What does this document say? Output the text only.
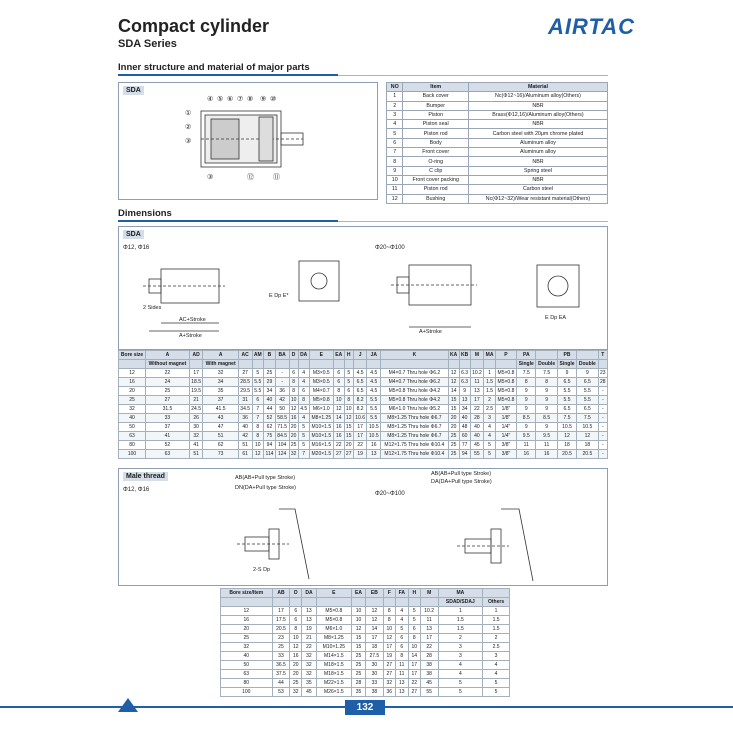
Compact cylinder
SDA Series
AIRTAC
Inner structure and material of major parts
SDA
④ ⑤ ⑥ ⑦ ⑧ ⑨ ⑩
①
②
③
③	⑫	⑪
NO	Item	Material
1	Back cover	Nc(Φ12~16)/Aluminum alloy(Others)
2	Bumper	NBR
3	Piston	Brass(Φ12,16)/Aluminum alloy(Others)
4	Piston seal	NBR
5	Piston rod	Carbon steel with 20μm chrome plated
6	Body	Aluminum alloy
7	Front cover	Aluminum alloy
8	O-ring	NBR
9	C clip	Spring steel
10	Front cover packing	NBR
11	Piston rod	Carbon steel
12	Bushing	Nc(Φ12~32)/Wear resistant material(Others)
Dimensions
SDA
Φ12, Φ16	Φ20~Φ100
2 Sides
AC+Stroke
A+Stroke
E Dp E*
A+Stroke
E Dp EA
Bore size	A	AD	A	AC	AM	B	BA	D	DA	E	EA	H	J	JA	K	KA	KB	M	MA	P	PA		PB		T
	Without magnet		With magnet																		Single	Double	Single	Double	
12	22	17	32	27	5	25	-	6	4	M3×0.5	6	5	4.5	4.5	M4×0.7 Thru hole Φ6.2	12	6.3	10.2	1	M5×0.8	7.5	7.5	9	9	23
16	24	18.5	34	28.5	5.5	29	-	8	4	M3×0.5	6	5	6.5	4.5	M4×0.7 Thru hole Φ6.2	12	6.3	11	1.5	M5×0.8	8	8	6.5	6.5	28
20	25	19.5	35	29.5	5.5	34	36	8	6	M4×0.7	8	6	6.5	4.5	M5×0.8 Thru hole Φ4.2	14	9	13	1.5	M5×0.8	9	9	5.5	5.5	-
25	27	21	37	31	6	40	42	10	8	M5×0.8	10	8	8.2	5.5	M5×0.8 Thru hole Φ4.2	15	13	17	2	M5×0.8	9	9	5.5	5.5	-
32	31.5	24.5	41.5	34.5	7	44	50	12	4.5	M6×1.0	12	10	8.2	5.5	M6×1.0 Thru hole Φ5.2	15	34	22	2.5	1/8"	9	9	6.5	6.5	-
40	33	26	43	36	7	52	58.5	16	4	M8×1.25	14	12	10.6	5.5	M8×1.25 Thru hole Φ6.7	20	40	28	3	1/8"	8.5	8.5	7.5	7.5	-
50	37	30	47	40	8	62	71.5	20	5	M10×1.5	16	15	17	10.5	M8×1.25 Thru hole Φ6.7	20	48	40	4	1/4"	9	9	10.5	10.5	-
63	41	32	51	42	8	75	84.5	20	5	M10×1.5	16	15	17	10.5	M8×1.25 Thru hole Φ6.7	25	60	40	4	1/4"	9.5	9.5	12	12	-
80	52	41	62	51	10	94	104	25	5	M16×1.5	22	20	22	16	M12×1.75 Thru hole Φ10.4	25	77	45	5	3/8"	11	11	18	18	-
100	63	51	73	61	12	114	124	32	7	M20×1.5	27	27	19	13	M12×1.75 Thru hole Φ10.4	25	94	55	5	3/8"	16	16	20.5	20.5	-
Male thread
Φ12, Φ16
Φ20~Φ100
AB(AB+Pull type Stroke)
DN(DA+Pull type Stroke)
2-S Dp
AB(AB+Pull type Stroke)
DA(DA+Pull type Stroke)
Bore size/Item	AB	D	DA	E	EA	EB	F	FA	H	M	MA	
											SDAD/SDAJ	Others
12	17	6	13	M5×0.8	10	12	8	4	5	10.2	1	1
16	17.5	6	13	M5×0.8	10	12	8	4	5	11	1.5	1.5
20	20.5	8	19	M6×1.0	12	14	10	5	6	13	1.5	1.5
25	23	10	21	M8×1.25	15	17	12	6	8	17	2	2
32	25	12	22	M10×1.25	15	18	17	6	10	22	3	2.5
40	33	16	32	M14×1.5	25	27.5	19	8	14	28	3	3
50	36.5	20	32	M18×1.5	25	30	27	11	17	38	4	4
63	37.5	20	32	M18×1.5	25	30	27	11	17	38	4	4
80	44	25	35	M22×1.5	28	33	32	13	22	45	5	5
100	53	32	45	M26×1.5	35	38	36	13	27	55	5	5
132
